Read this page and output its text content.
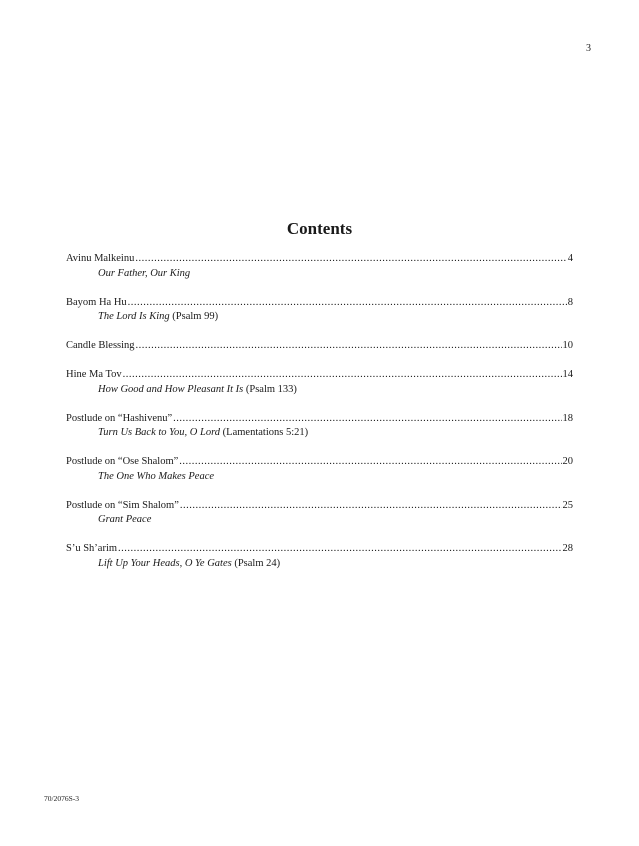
3
Contents
Avinu Malkeinu .....	4
Our Father, Our King
Bayom Ha Hu .....	8
The Lord Is King (Psalm 99)
Candle Blessing .....	10
Hine Ma Tov .....	14
How Good and How Pleasant It Is (Psalm 133)
Postlude on “Hashivenu” .....	18
Turn Us Back to You, O Lord (Lamentations 5:21)
Postlude on “Ose Shalom” .....	20
The One Who Makes Peace
Postlude on “Sim Shalom” .....	25
Grant Peace
S’u Sh’arim .....	28
Lift Up Your Heads, O Ye Gates (Psalm 24)
70/2076S-3
